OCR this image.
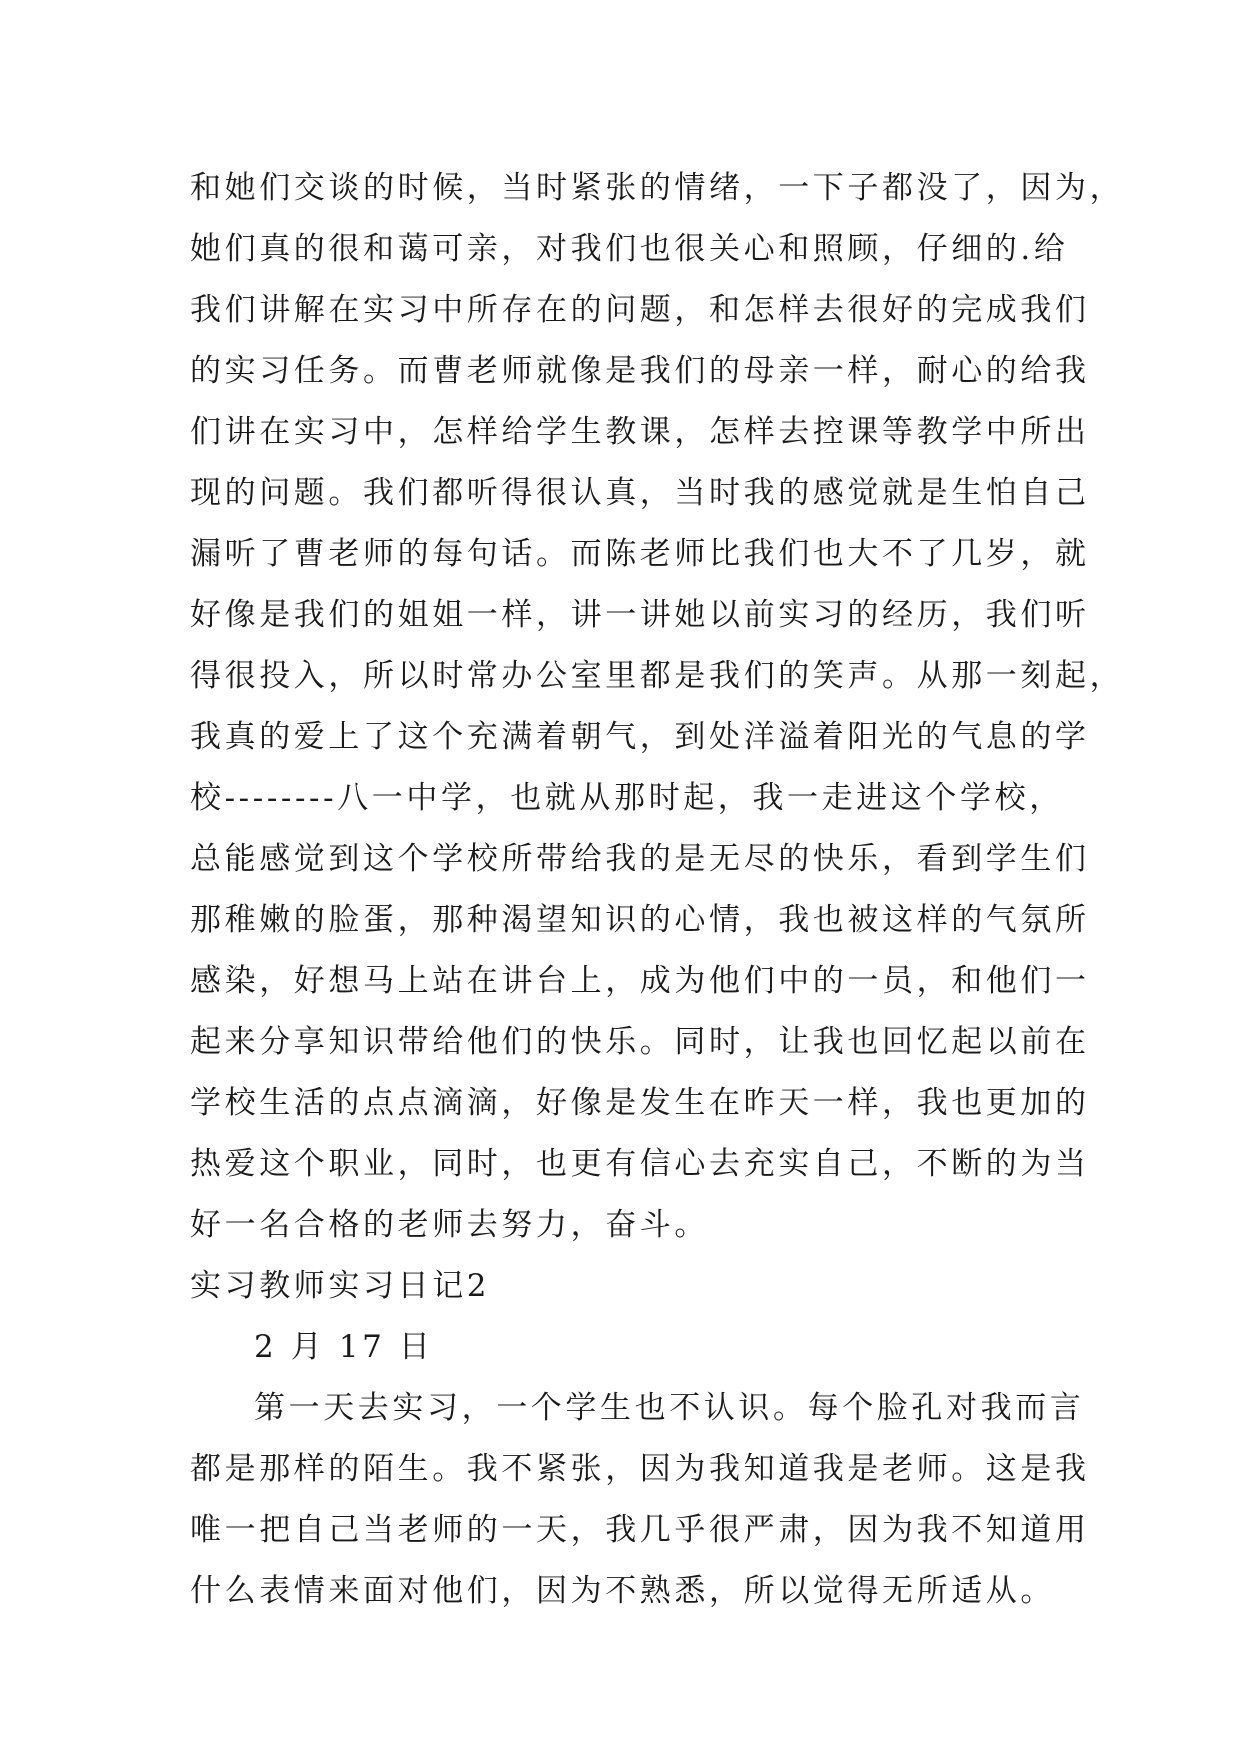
和她们交谈的时候，当时紧张的情绪，一下子都没了，因为，
她们真的很和蔼可亲，对我们也很关心和照顾，仔细的.给
我们讲解在实习中所存在的问题，和怎样去很好的完成我们
的实习任务。而曹老师就像是我们的母亲一样，耐心的给我
们讲在实习中，怎样给学生教课，怎样去控课等教学中所出
现的问题。我们都听得很认真，当时我的感觉就是生怕自己
漏听了曹老师的每句话。而陈老师比我们也大不了几岁，就
好像是我们的姐姐一样，讲一讲她以前实习的经历，我们听
得很投入，所以时常办公室里都是我们的笑声。从那一刻起，
我真的爱上了这个充满着朝气，到处洋溢着阳光的气息的学
校--------八一中学，也就从那时起，我一走进这个学校，
总能感觉到这个学校所带给我的是无尽的快乐，看到学生们
那稚嫩的脸蛋，那种渴望知识的心情，我也被这样的气氛所
感染，好想马上站在讲台上，成为他们中的一员，和他们一
起来分享知识带给他们的快乐。同时，让我也回忆起以前在
学校生活的点点滴滴，好像是发生在昨天一样，我也更加的
热爱这个职业，同时，也更有信心去充实自己，不断的为当
好一名合格的老师去努力，奋斗。
实习教师实习日记2
2 月 17 日
第一天去实习，一个学生也不认识。每个脸孔对我而言
都是那样的陌生。我不紧张，因为我知道我是老师。这是我
唯一把自己当老师的一天，我几乎很严肃，因为我不知道用
什么表情来面对他们，因为不熟悉，所以觉得无所适从。
